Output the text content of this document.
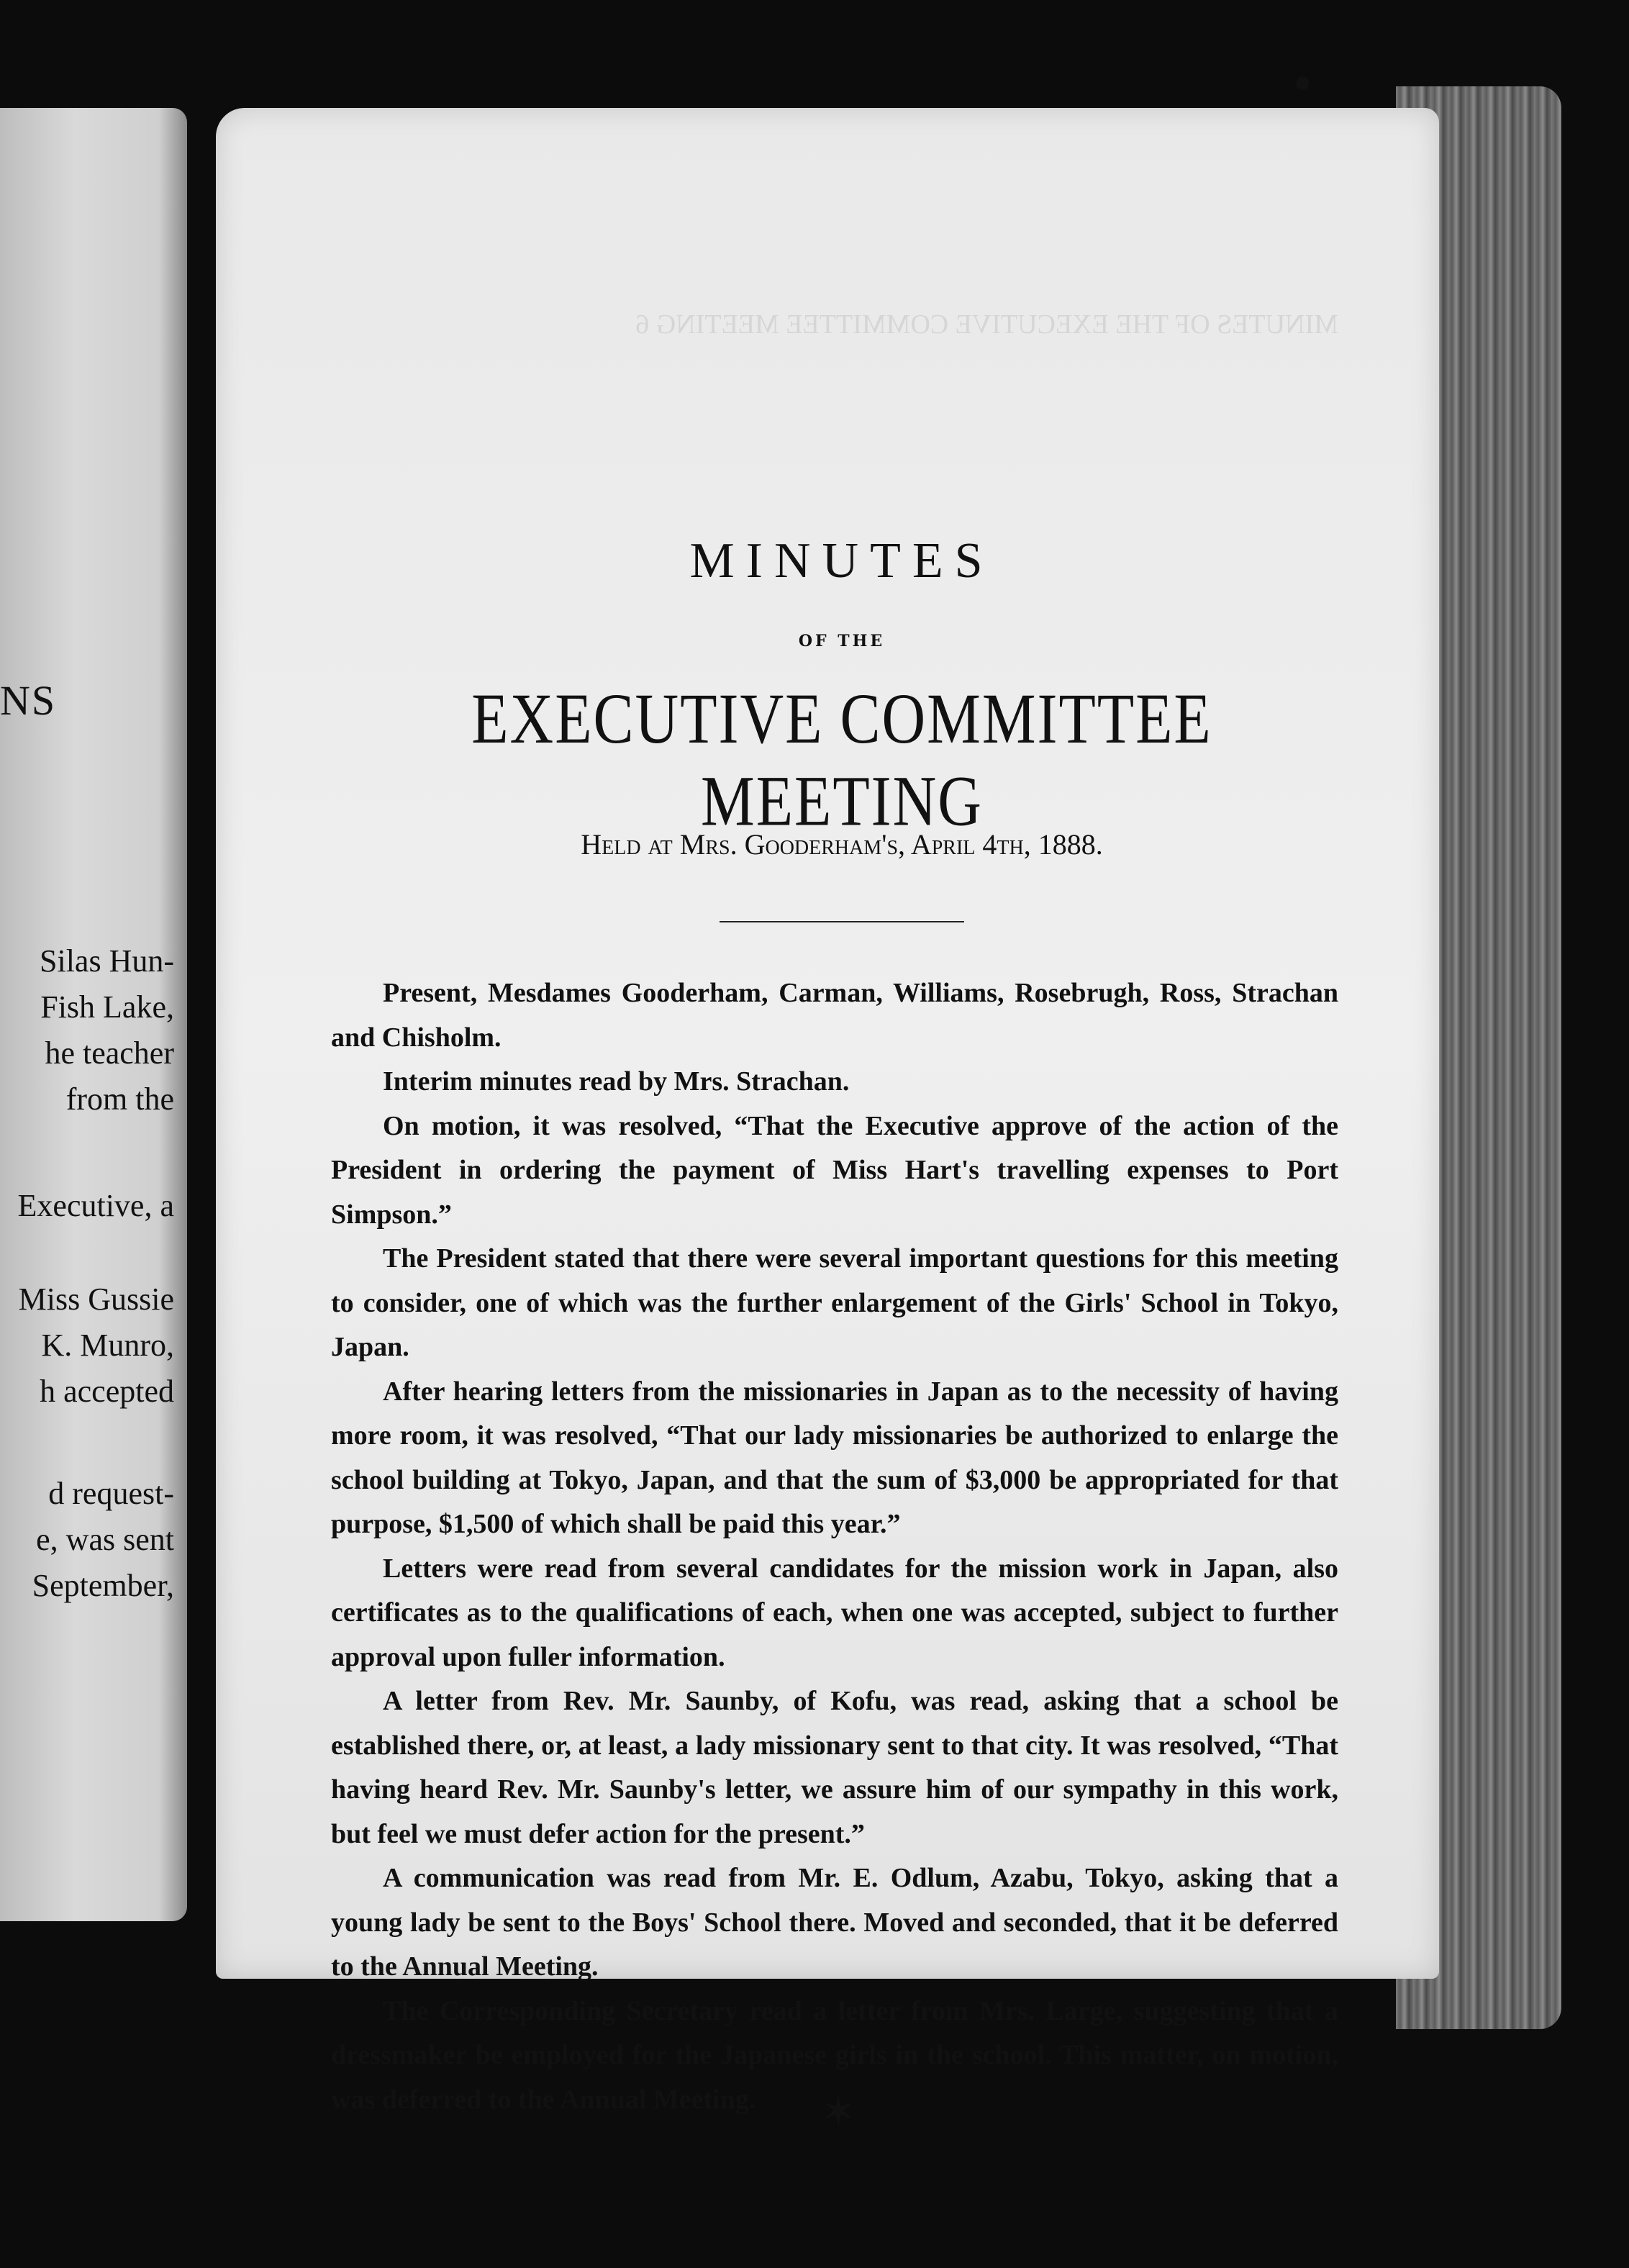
NS
Silas Hun-
Fish Lake,
he teacher
from the
Executive, a
Miss Gussie
K. Munro,
h accepted
d request-
e, was sent
September,
MINUTES OF THE EXECUTIVE COMMITTEE MEETING 6
MINUTES
OF THE
EXECUTIVE COMMITTEE MEETING
Held at Mrs. Gooderham's, April 4th, 1888.

Present, Mesdames Gooderham, Carman, Williams, Rosebrugh, Ross, Strachan and Chisholm.

Interim minutes read by Mrs. Strachan.

On motion, it was resolved, “That the Executive approve of the action of the President in ordering the payment of Miss Hart's travelling expenses to Port Simpson.”

The President stated that there were several important questions for this meeting to consider, one of which was the further enlargement of the Girls' School in Tokyo, Japan.

After hearing letters from the missionaries in Japan as to the necessity of having more room, it was resolved, “That our lady missionaries be authorized to enlarge the school building at Tokyo, Japan, and that the sum of $3,000 be appropriated for that purpose, $1,500 of which shall be paid this year.”

Letters were read from several candidates for the mission work in Japan, also certificates as to the qualifications of each, when one was accepted, subject to further approval upon fuller information.

A letter from Rev. Mr. Saunby, of Kofu, was read, asking that a school be established there, or, at least, a lady missionary sent to that city. It was resolved, “That having heard Rev. Mr. Saunby's letter, we assure him of our sympathy in this work, but feel we must defer action for the present.”

A communication was read from Mr. E. Odlum, Azabu, Tokyo, asking that a young lady be sent to the Boys' School there. Moved and seconded, that it be deferred to the Annual Meeting.

The Corresponding Secretary read a letter from Mrs. Large, suggesting that a dressmaker be employed for the Japanese girls in the school. This matter, on motion, was deferred to the Annual Meeting.	✶
●
